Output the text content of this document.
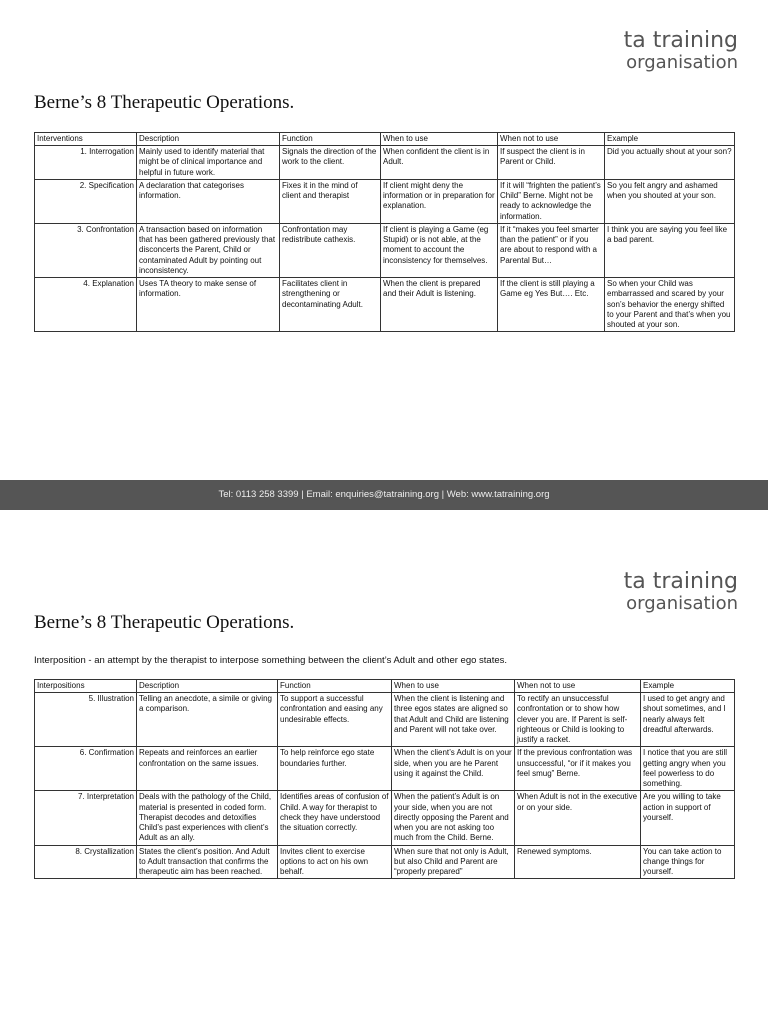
ta training
organisation
Berne’s 8 Therapeutic Operations.
Interventions	Description	Function	When to use	When not to use	Example
1. Interrogation	Mainly used to identify material that might be of clinical importance and helpful in future work.	Signals the direction of the work to the client.	When confident the client is in Adult.	If suspect the client is in Parent or Child.	Did you actually shout at your son?
2. Specification	A declaration that categorises information.	Fixes it in the mind of client and therapist	If client might deny the information or in preparation for explanation.	If it will “frighten the patient’s Child” Berne. Might not be ready to acknowledge the information.	So you felt angry and ashamed when you shouted at your son.
3. Confrontation	A transaction based on information that has been gathered previously that disconcerts the Parent, Child or contaminated Adult by pointing out inconsistency.	Confrontation may redistribute cathexis.	If client is playing a Game (eg Stupid) or is not able, at the moment to account the inconsistency for themselves.	If it “makes you feel smarter than the patient” or if you are about to respond with a Parental But…	I think you are saying you feel like a bad parent.
4. Explanation	Uses TA theory to make sense of information.	Facilitates client in strengthening or decontaminating Adult.	When the client is prepared and their Adult is listening.	If the client is still playing a Game eg Yes But…. Etc.	So when your Child was embarrassed and scared by your son’s behavior the energy shifted to your Parent and that’s when you shouted at your son.
Tel: 0113 258 3399 | Email: enquiries@tatraining.org | Web: www.tatraining.org
ta training
organisation
Berne’s 8 Therapeutic Operations.
Interposition - an attempt by the therapist to interpose something between the client’s Adult and other ego states.
Interpositions	Description	Function	When to use	When not to use	Example
5. Illustration	Telling an anecdote, a simile or giving a comparison.	To support a successful confrontation and easing any undesirable effects.	When the client is listening and three egos states are aligned so that Adult and Child are listening and Parent will not take over.	To rectify an unsuccessful confrontation or to show how clever you are. If Parent is self-righteous or Child is looking to justify a racket.	I used to get angry and shout sometimes, and I nearly always felt dreadful afterwards.
6. Confirmation	Repeats and reinforces an earlier confrontation on the same issues.	To help reinforce ego state boundaries further.	When the client’s Adult is on your side, when you are he Parent using it against the Child.	If the previous confrontation was unsuccessful, “or if it makes you feel smug” Berne.	I notice that you are still getting angry when you feel powerless to do something.
7. Interpretation	Deals with the pathology of the Child, material is presented in coded form. Therapist decodes and detoxifies Child’s past experiences with client’s Adult as an ally.	Identifies areas of confusion of Child. A way for therapist to check they have understood the situation correctly.	When the patient’s Adult is on your side, when you are not directly opposing the Parent and when you are not asking too much from the Child. Berne.	When Adult is not in the executive or on your side.	Are you willing to take action in support of yourself.
8. Crystallization	States the client’s position. And Adult to Adult transaction that confirms the therapeutic aim has been reached.	Invites client to exercise options to act on his own behalf.	When sure that not only is Adult, but also Child and Parent are “properly prepared”	Renewed symptoms.	You can take action to change things for yourself.
